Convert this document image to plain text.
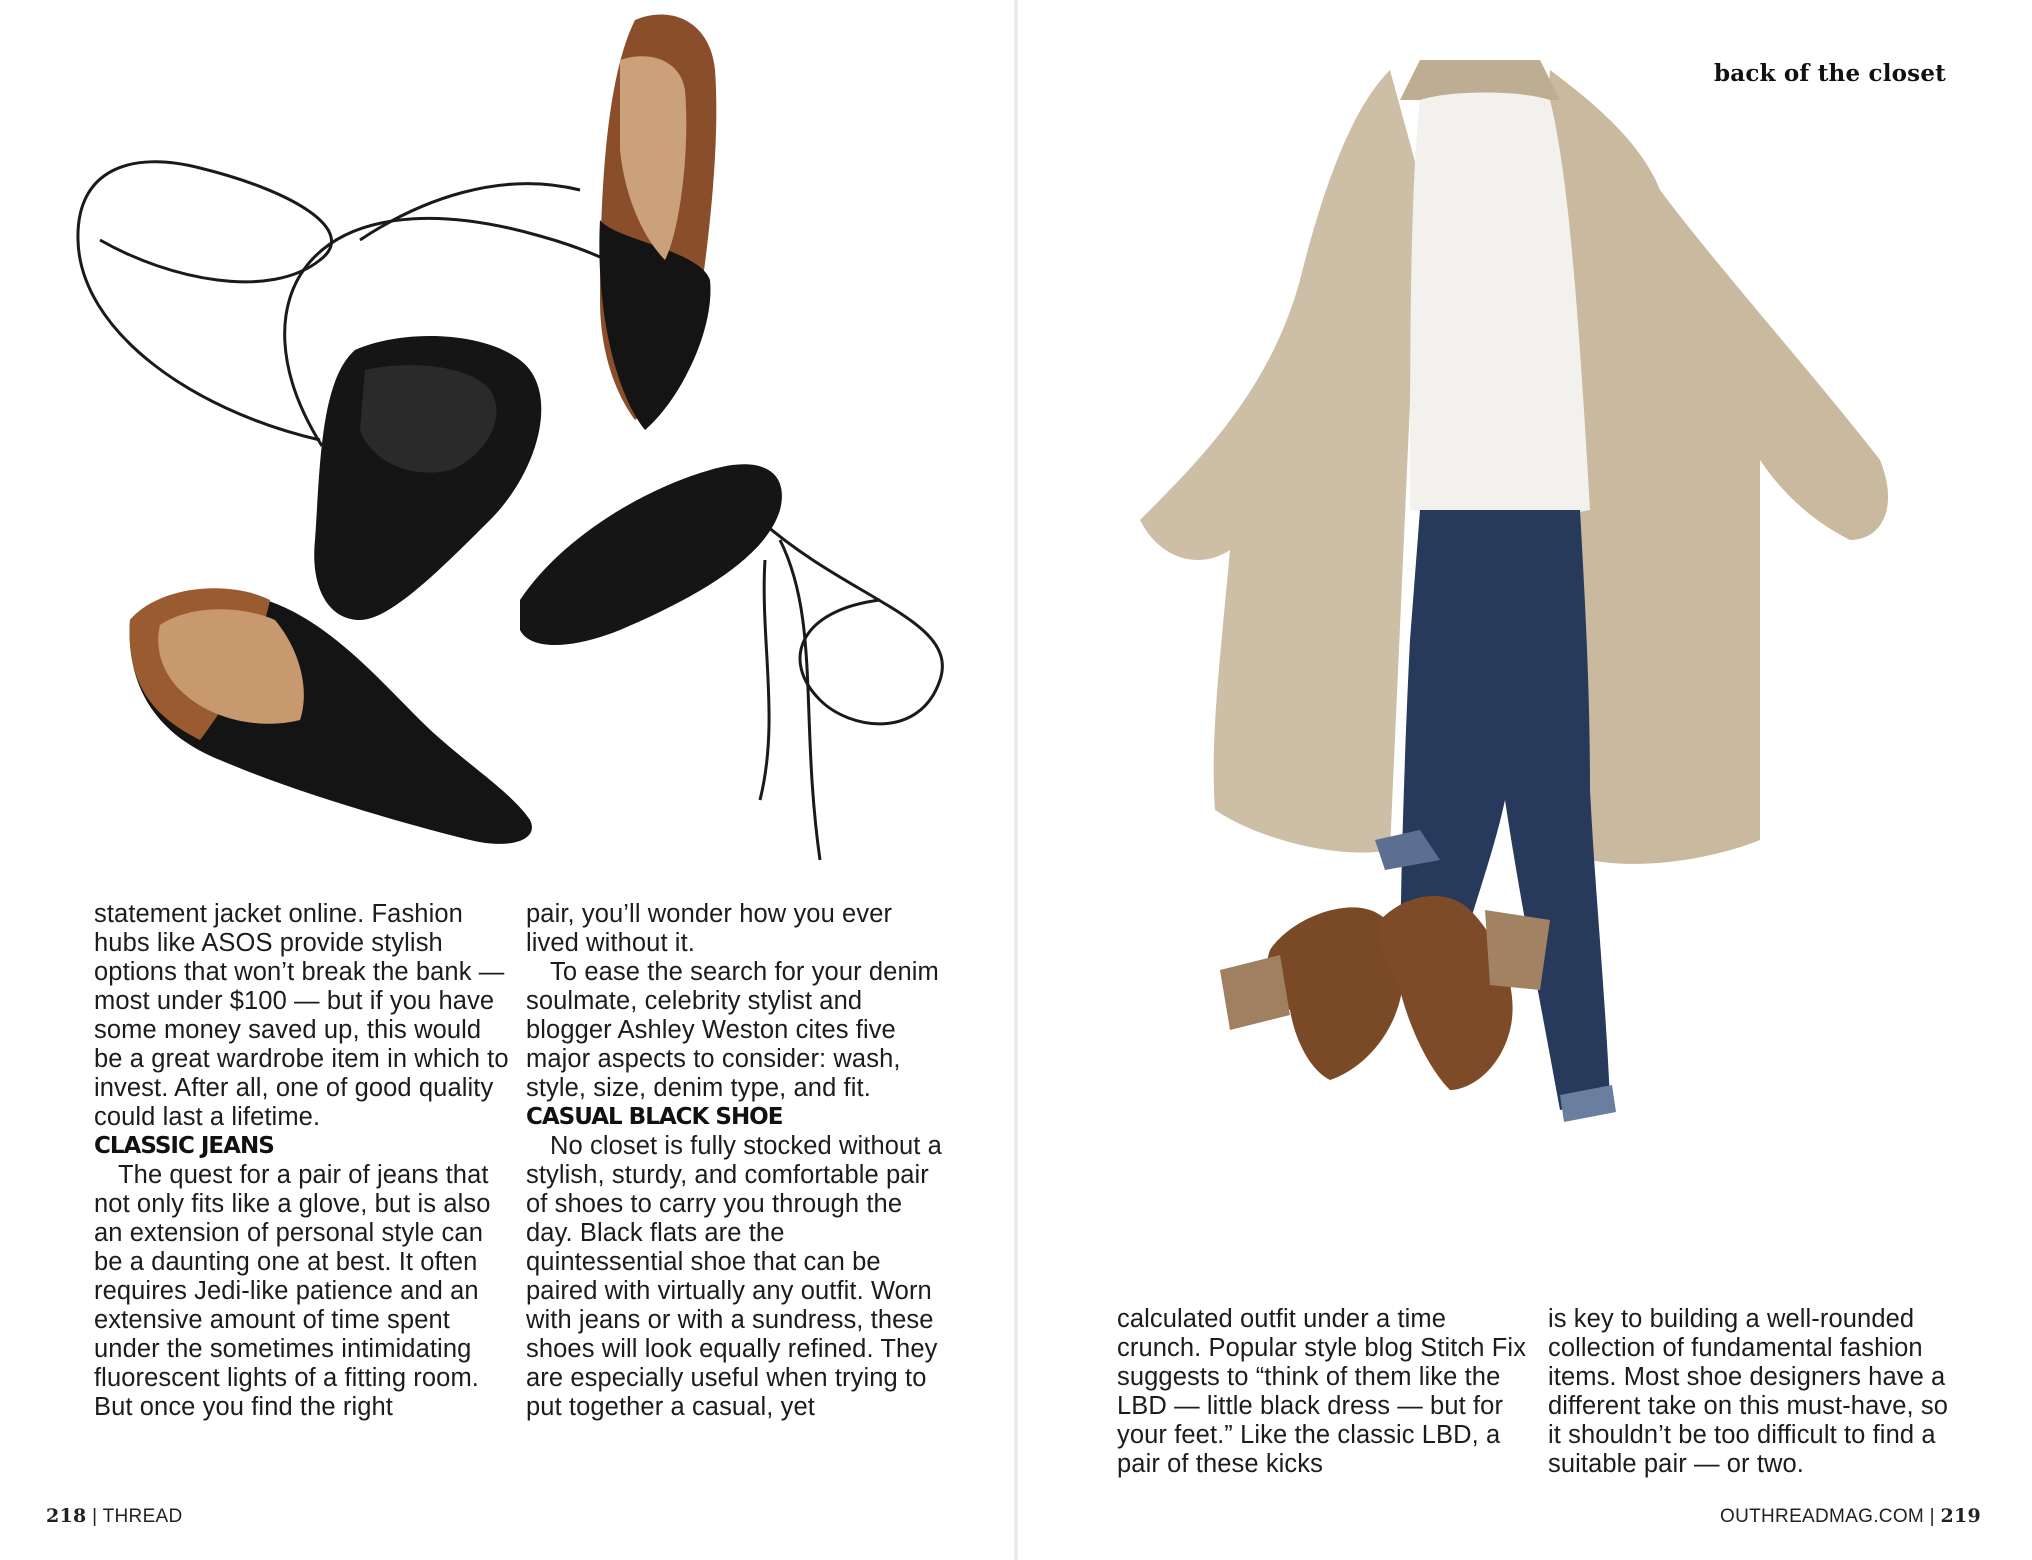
back of the closet

statement jacket online. Fashion hubs like ASOS provide stylish options that won’t break the bank — most under $100 — but if you have some money saved up, this would be a great wardrobe item in which to invest. After all, one of good quality could last a lifetime.

CLASSIC JEANS

The quest for a pair of jeans that not only fits like a glove, but is also an extension of personal style can be a daunting one at best. It often requires Jedi-like patience and an extensive amount of time spent under the sometimes intimidating fluorescent lights of a fitting room. But once you find the right

pair, you’ll wonder how you ever lived without it.

To ease the search for your denim soulmate, celebrity stylist and blogger Ashley Weston cites five major aspects to consider: wash, style, size, denim type, and fit.

CASUAL BLACK SHOE

No closet is fully stocked without a stylish, sturdy, and comfortable pair of shoes to carry you through the day. Black flats are the quintessential shoe that can be paired with virtually any outfit. Worn with jeans or with a sundress, these shoes will look equally refined. They are especially useful when trying to put together a casual, yet

calculated outfit under a time crunch. Popular style blog Stitch Fix suggests to “think of them like the LBD — little black dress — but for your feet.” Like the classic LBD, a pair of these kicks

is key to building a well-rounded collection of fundamental fashion items. Most shoe designers have a different take on this must-have, so it shouldn’t be too difficult to find a suitable pair — or two.

218 | THREAD	OUTHREADMAG.COM | 219
